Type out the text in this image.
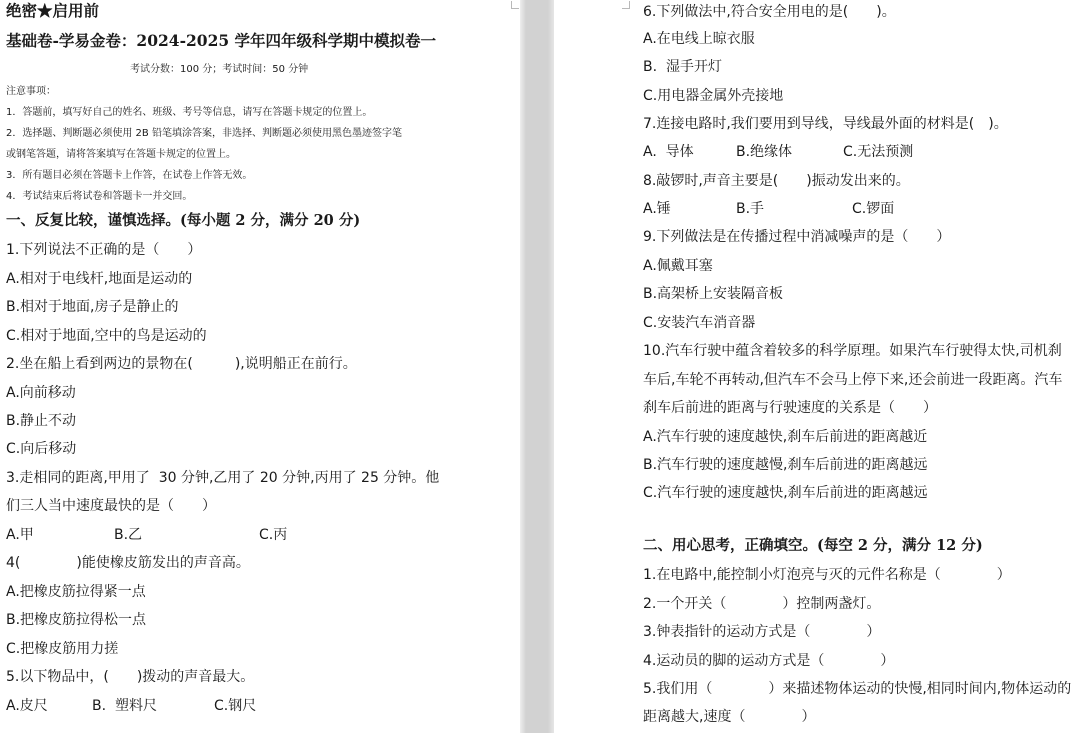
绝密★启用前
基础卷-学易金卷：2024-2025 学年四年级科学期中模拟卷一
考试分数：100 分；考试时间：50 分钟
注意事项：
1．答题前，填写好自己的姓名、班级、考号等信息，请写在答题卡规定的位置上。
2．选择题、判断题必须使用 2B 铅笔填涂答案，非选择、判断题必须使用黑色墨迹签字笔
或钢笔答题，请将答案填写在答题卡规定的位置上。
3．所有题目必须在答题卡上作答，在试卷上作答无效。
4．考试结束后将试卷和答题卡一并交回。
一、反复比较，谨慎选择。(每小题 2 分，满分 20 分)
1.下列说法不正确的是（　　）
A.相对于电线杆,地面是运动的
B.相对于地面,房子是静止的
C.相对于地面,空中的鸟是运动的
2.坐在船上看到两边的景物在(　　　),说明船正在前行。
A.向前移动
B.静止不动
C.向后移动
3.走相同的距离,甲用了  30 分钟,乙用了 20 分钟,丙用了 25 分钟。他
们三人当中速度最快的是（　　）
A.甲	B.乙	C.丙
4(　　　　)能使橡皮筋发出的声音高。
A.把橡皮筋拉得紧一点
B.把橡皮筋拉得松一点
C.把橡皮筋用力搓
5.以下物品中，(　　)拨动的声音最大。
A.皮尺	B.  塑料尺	C.钢尺
6.下列做法中,符合安全用电的是(　　)。
A.在电线上晾衣服
B.  湿手开灯
C.用电器金属外壳接地
7.连接电路时,我们要用到导线，导线最外面的材料是(　)。
A.  导体	B.绝缘体	C.无法预测
8.敲锣时,声音主要是(　　)振动发出来的。
A.锤	B.手	C.锣面
9.下列做法是在传播过程中消减噪声的是（　　）
A.佩戴耳塞
B.高架桥上安装隔音板
C.安装汽车消音器
10.汽车行驶中蕴含着较多的科学原理。如果汽车行驶得太快,司机刹
车后,车轮不再转动,但汽车不会马上停下来,还会前进一段距离。汽车
刹车后前进的距离与行驶速度的关系是（　　）
A.汽车行驶的速度越快,刹车后前进的距离越近
B.汽车行驶的速度越慢,刹车后前进的距离越远
C.汽车行驶的速度越快,刹车后前进的距离越远
二、用心思考，正确填空。(每空 2 分，满分 12 分)
1.在电路中,能控制小灯泡亮与灭的元件名称是（　　　　）
2.一个开关（　　　　）控制两盏灯。
3.钟表指针的运动方式是（　　　　）
4.运动员的脚的运动方式是（　　　　）
5.我们用（　　　　）来描述物体运动的快慢,相同时间内,物体运动的
距离越大,速度（　　　　）
